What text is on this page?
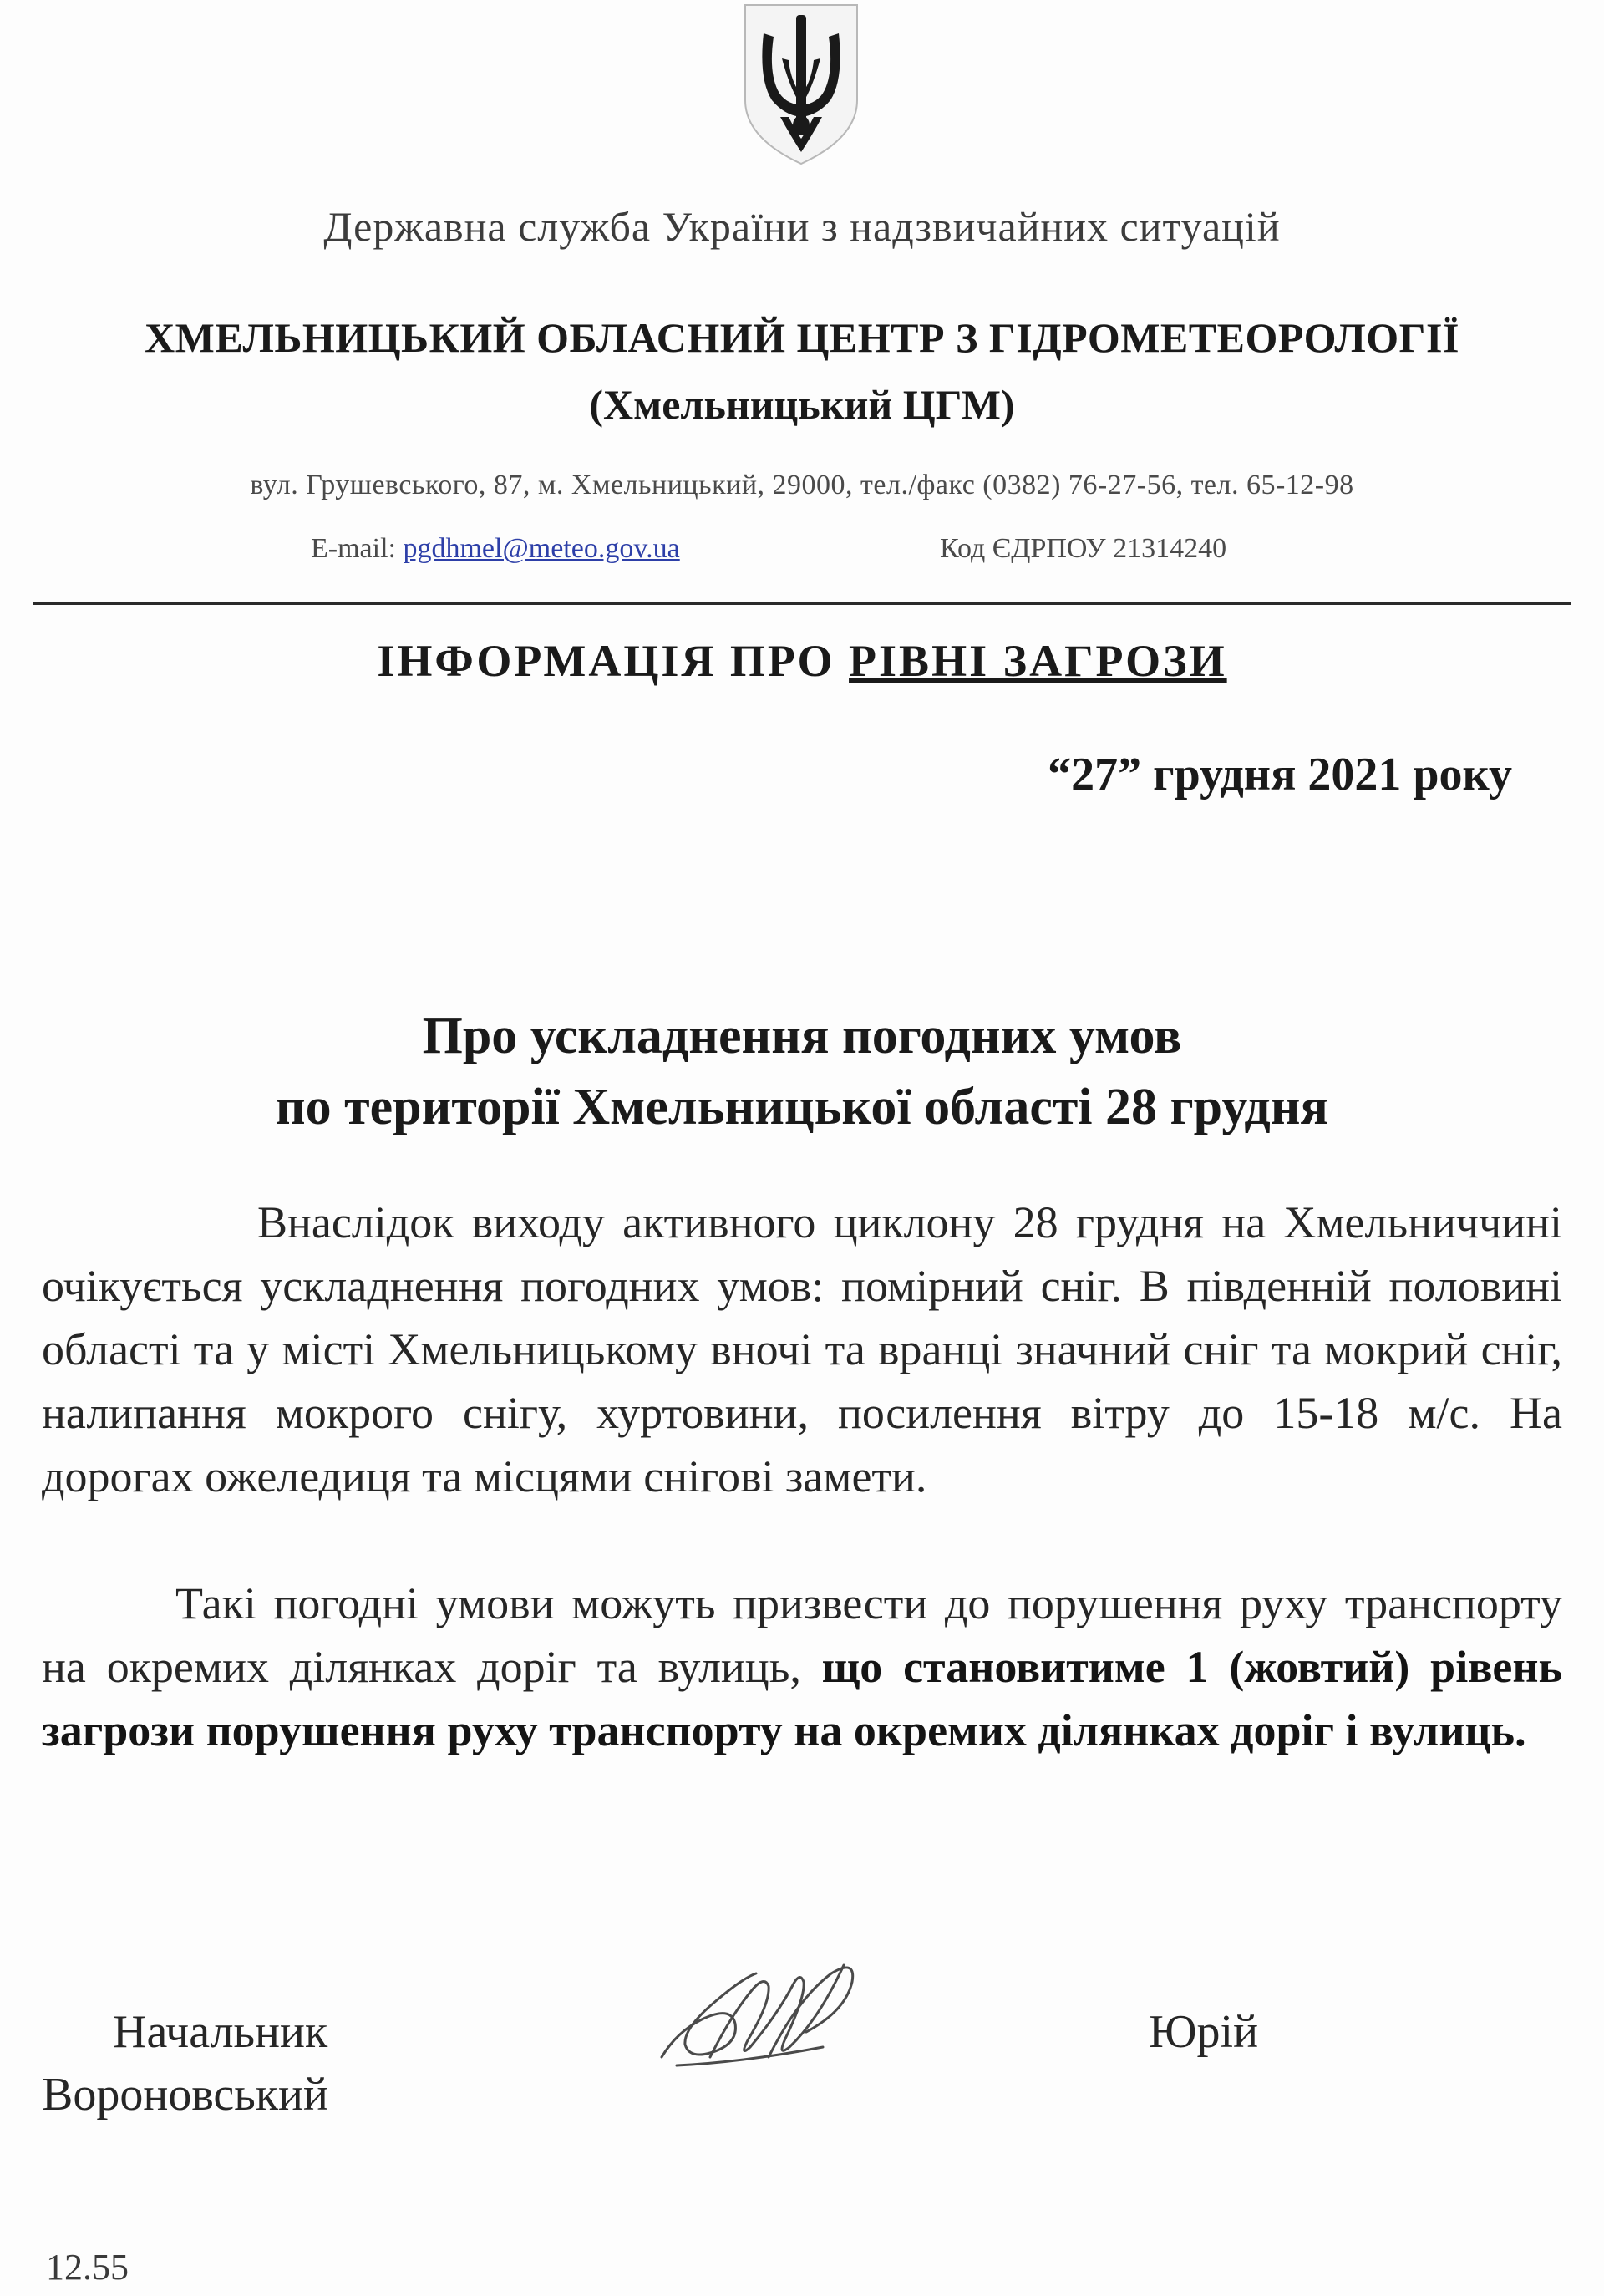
Державна служба України з надзвичайних ситуацій
ХМЕЛЬНИЦЬКИЙ ОБЛАСНИЙ ЦЕНТР З ГІДРОМЕТЕОРОЛОГІЇ
(Хмельницький ЦГМ)
вул. Грушевського, 87, м. Хмельницький, 29000, тел./факс (0382) 76-27-56, тел. 65-12-98
E-mail: pgdhmel@meteo.gov.ua	Код ЄДРПОУ 21314240
ІНФОРМАЦІЯ ПРО РІВНІ ЗАГРОЗИ
“27” грудня 2021 року
Про ускладнення погодних умов
по території Хмельницької області 28 грудня
Внаслідок виходу активного циклону 28 грудня на Хмельниччині очікується ускладнення погодних умов: помірний сніг. В південній половині області та у місті Хмельницькому вночі та вранці значний сніг та мокрий сніг, налипання мокрого снігу, хуртовини, посилення вітру до 15-18 м/с. На дорогах ожеледиця та місцями снігові замети.
Такі погодні умови можуть призвести до порушення руху транспорту на окремих ділянках доріг та вулиць, що становитиме 1 (жовтий) рівень загрози порушення руху транспорту на окремих ділянках доріг і вулиць.
Начальник	Юрій
Вороновський
12.55
